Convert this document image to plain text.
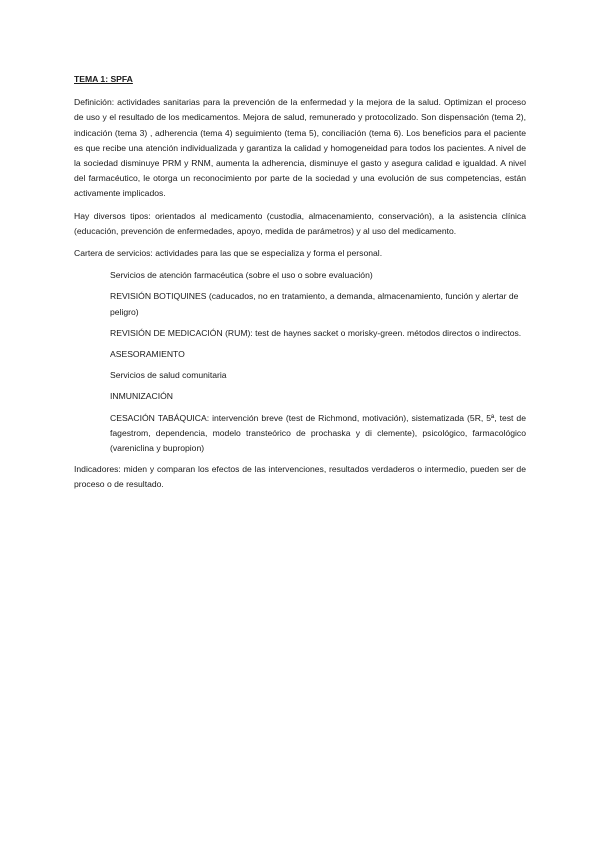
TEMA 1: SPFA

Definición: actividades sanitarias para la prevención de la enfermedad y la mejora de la salud. Optimizan el proceso de uso y el resultado de los medicamentos. Mejora de salud, remunerado y protocolizado. Son dispensación (tema 2), indicación (tema 3) , adherencia (tema 4) seguimiento (tema 5), conciliación (tema 6). Los beneficios para el paciente es que recibe una atención individualizada y garantiza la calidad y homogeneidad para todos los pacientes. A nivel de la sociedad disminuye PRM y RNM, aumenta la adherencia, disminuye el gasto y asegura calidad e igualdad. A nivel del farmacéutico, le otorga un reconocimiento por parte de la sociedad y una evolución de sus competencias, están activamente implicados.

Hay diversos tipos: orientados al medicamento (custodia, almacenamiento, conservación), a la asistencia clínica (educación, prevención de enfermedades, apoyo, medida de parámetros) y al uso del medicamento.

Cartera de servicios: actividades para las que se especializa y forma el personal.

Servicios de atención farmacéutica (sobre el uso o sobre evaluación)

REVISIÓN BOTIQUINES (caducados, no en tratamiento, a demanda, almacenamiento, función y alertar de peligro)

REVISIÓN DE MEDICACIÓN (RUM): test de haynes sacket o morisky-green. métodos directos o indirectos.

ASESORAMIENTO

Servicios de salud comunitaria

INMUNIZACIÓN

CESACIÓN TABÁQUICA: intervención breve (test de Richmond, motivación), sistematizada (5R, 5ª, test de fagestrom, dependencia, modelo transteórico de prochaska y di clemente), psicológico, farmacológico (vareniclina y bupropion)

Indicadores: miden y comparan los efectos de las intervenciones, resultados verdaderos o intermedio, pueden ser de proceso o de resultado.
